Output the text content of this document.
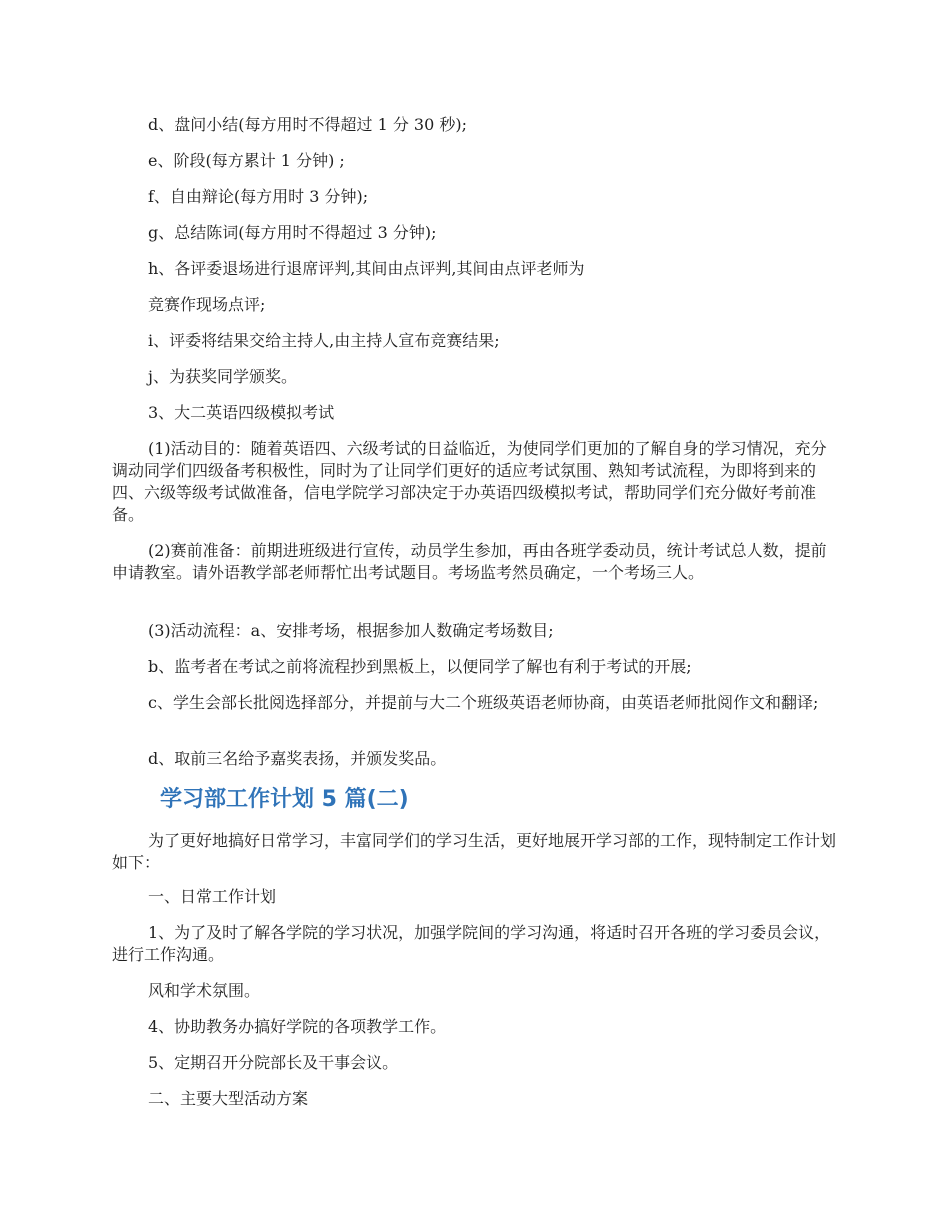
d、盘问小结(每方用时不得超过 1 分 30 秒);

e、阶段(每方累计 1 分钟) ;

f、自由辩论(每方用时 3 分钟);

g、总结陈词(每方用时不得超过 3 分钟);

h、各评委退场进行退席评判,其间由点评判,其间由点评老师为

竞赛作现场点评;

i、评委将结果交给主持人,由主持人宣布竞赛结果;

j、为获奖同学颁奖。

3、大二英语四级模拟考试

(1)活动目的：随着英语四、六级考试的日益临近，为使同学们更加的了解自身的学习情况，充分调动同学们四级备考积极性，同时为了让同学们更好的适应考试氛围、熟知考试流程，为即将到来的四、六级等级考试做准备，信电学院学习部决定于办英语四级模拟考试，帮助同学们充分做好考前准备。

(2)赛前准备：前期进班级进行宣传，动员学生参加，再由各班学委动员，统计考试总人数，提前申请教室。请外语教学部老师帮忙出考试题目。考场监考然员确定，一个考场三人。

(3)活动流程：a、安排考场，根据参加人数确定考场数目;

b、监考者在考试之前将流程抄到黑板上，以便同学了解也有利于考试的开展;

c、学生会部长批阅选择部分，并提前与大二个班级英语老师协商，由英语老师批阅作文和翻译;

d、取前三名给予嘉奖表扬，并颁发奖品。

学习部工作计划 5 篇(二)

为了更好地搞好日常学习，丰富同学们的学习生活，更好地展开学习部的工作，现特制定工作计划如下：

一、日常工作计划

1、为了及时了解各学院的学习状况，加强学院间的学习沟通，将适时召开各班的学习委员会议，进行工作沟通。

风和学术氛围。

4、协助教务办搞好学院的各项教学工作。

5、定期召开分院部长及干事会议。

二、主要大型活动方案
